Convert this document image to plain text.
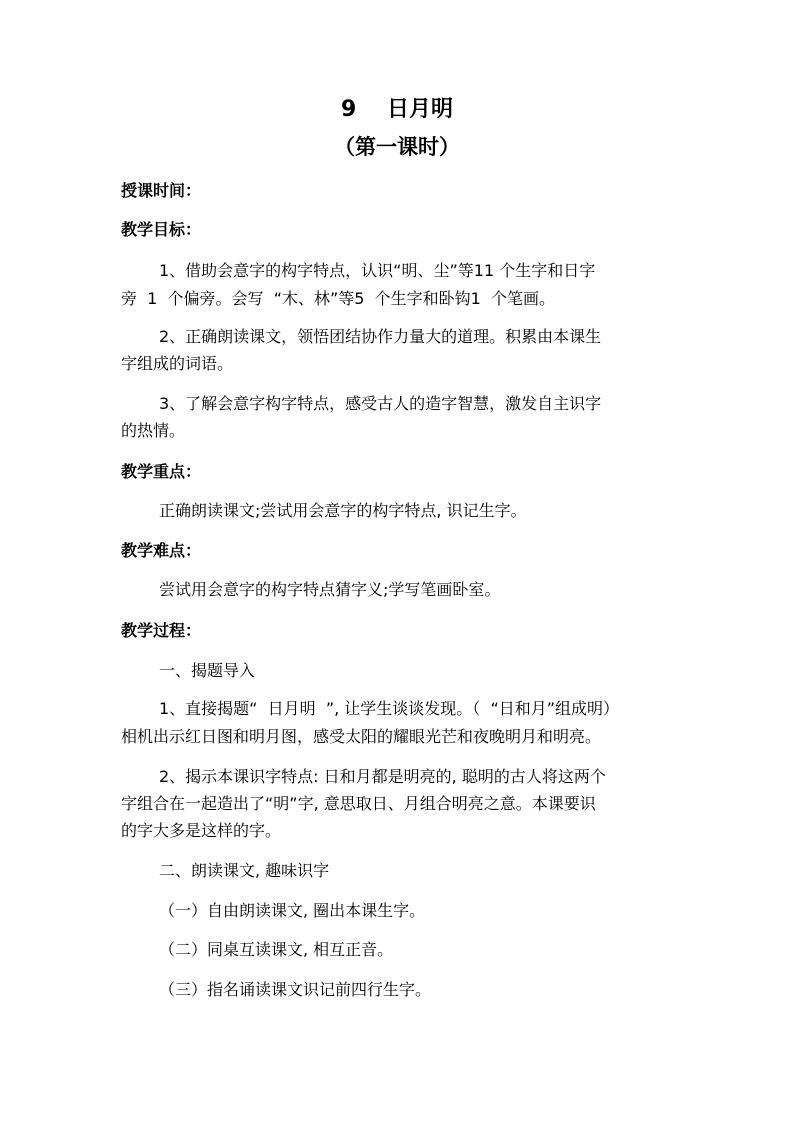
9    日月明
（第一课时）
授课时间：
教学目标：
1、借助会意字的构字特点，认识“明、尘”等11 个生字和日字
旁  1  个偏旁。会写  “木、林”等5  个生字和卧钩1  个笔画。
2、正确朗读课文，领悟团结协作力量大的道理。积累由本课生
字组成的词语。
3、了解会意字构字特点，感受古人的造字智慧，激发自主识字
的热情。
教学重点：
正确朗读课文;尝试用会意字的构字特点, 识记生字。
教学难点：
尝试用会意字的构字特点猜字义;学写笔画卧室。
教学过程：
一、揭题导入
1、直接揭题“  日月明  ”, 让学生谈谈发现。（  “日和月”组成明）
相机出示红日图和明月图，感受太阳的耀眼光芒和夜晚明月和明亮。
2、揭示本课识字特点: 日和月都是明亮的, 聪明的古人将这两个
字组合在一起造出了“明”字, 意思取日、月组合明亮之意。本课要识
的字大多是这样的字。
二、朗读课文, 趣味识字
（一）自由朗读课文, 圈出本课生字。
（二）同桌互读课文, 相互正音。
（三）指名诵读课文识记前四行生字。
